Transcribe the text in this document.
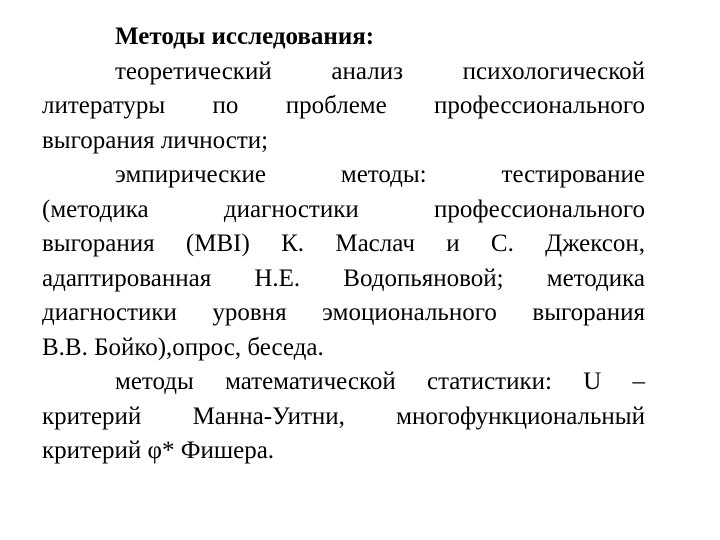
Методы исследования:

теоретический анализ психологической
литературы по проблеме профессионального
выгорания личности;
эмпирические методы: тестирование
(методика диагностики профессионального
выгорания (MBI) К. Маслач и С. Джексон,
адаптированная Н.Е. Водопьяновой; методика
диагностики уровня эмоционального выгорания
В.В. Бойко),опрос, беседа.
методы математической статистики: U –
критерий Манна-Уитни, многофункциональный
критерий φ* Фишера.
